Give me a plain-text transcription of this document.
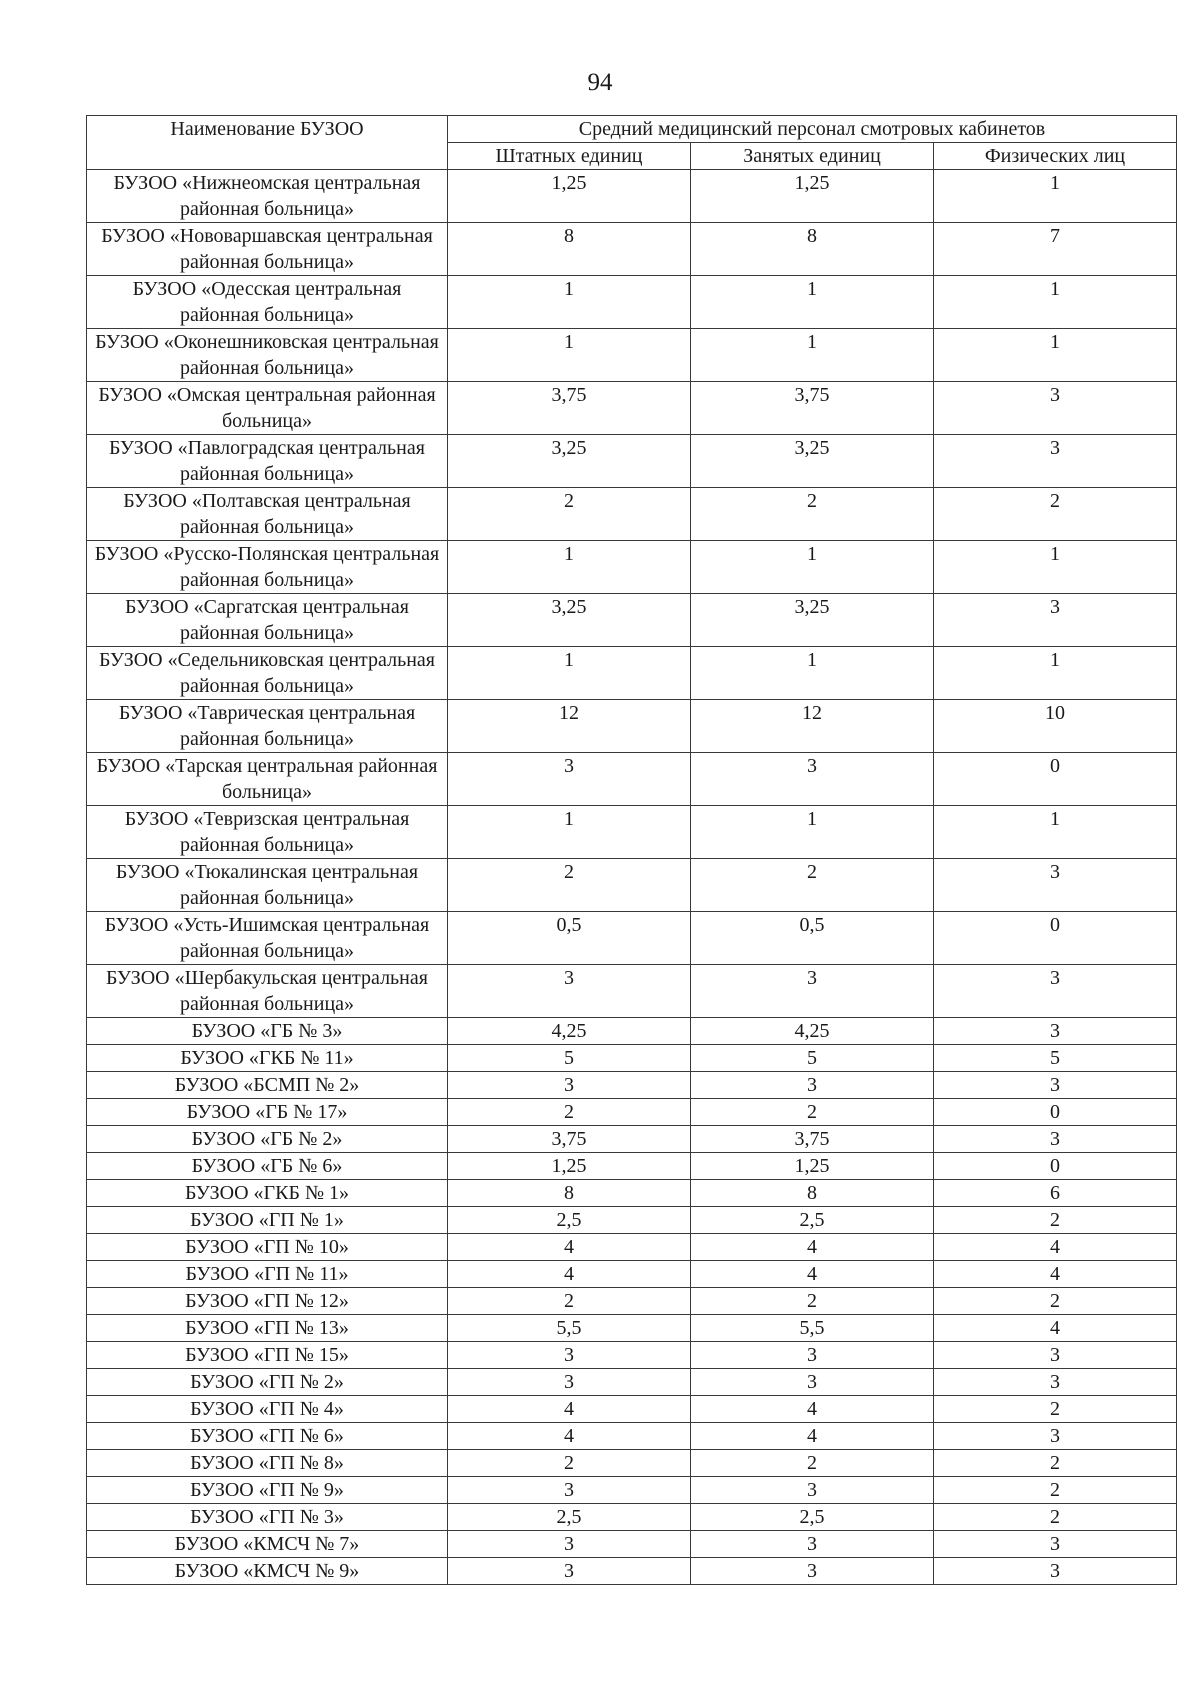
94
Наименование БУЗОО	Средний медицинский персонал смотровых кабинетов		
	Штатных единиц	Занятых единиц	Физических лиц
БУЗОО «Нижнеомская центральная районная больница»	1,25	1,25	1
БУЗОО «Нововаршавская центральная районная больница»	8	8	7
БУЗОО «Одесская центральная районная больница»	1	1	1
БУЗОО «Оконешниковская центральная районная больница»	1	1	1
БУЗОО «Омская центральная районная больница»	3,75	3,75	3
БУЗОО «Павлоградская центральная районная больница»	3,25	3,25	3
БУЗОО «Полтавская центральная районная больница»	2	2	2
БУЗОО «Русско-Полянская центральная районная больница»	1	1	1
БУЗОО «Саргатская центральная районная больница»	3,25	3,25	3
БУЗОО «Седельниковская центральная районная больница»	1	1	1
БУЗОО «Таврическая центральная районная больница»	12	12	10
БУЗОО «Тарская центральная районная больница»	3	3	0
БУЗОО «Тевризская центральная районная больница»	1	1	1
БУЗОО «Тюкалинская центральная районная больница»	2	2	3
БУЗОО «Усть-Ишимская центральная районная больница»	0,5	0,5	0
БУЗОО «Шербакульская центральная районная больница»	3	3	3
БУЗОО «ГБ № 3»	4,25	4,25	3
БУЗОО «ГКБ № 11»	5	5	5
БУЗОО «БСМП № 2»	3	3	3
БУЗОО «ГБ № 17»	2	2	0
БУЗОО «ГБ № 2»	3,75	3,75	3
БУЗОО «ГБ № 6»	1,25	1,25	0
БУЗОО «ГКБ № 1»	8	8	6
БУЗОО «ГП № 1»	2,5	2,5	2
БУЗОО «ГП № 10»	4	4	4
БУЗОО «ГП № 11»	4	4	4
БУЗОО «ГП № 12»	2	2	2
БУЗОО «ГП № 13»	5,5	5,5	4
БУЗОО «ГП № 15»	3	3	3
БУЗОО «ГП № 2»	3	3	3
БУЗОО «ГП № 4»	4	4	2
БУЗОО «ГП № 6»	4	4	3
БУЗОО «ГП № 8»	2	2	2
БУЗОО «ГП № 9»	3	3	2
БУЗОО «ГП № 3»	2,5	2,5	2
БУЗОО «КМСЧ № 7»	3	3	3
БУЗОО «КМСЧ № 9»	3	3	3
